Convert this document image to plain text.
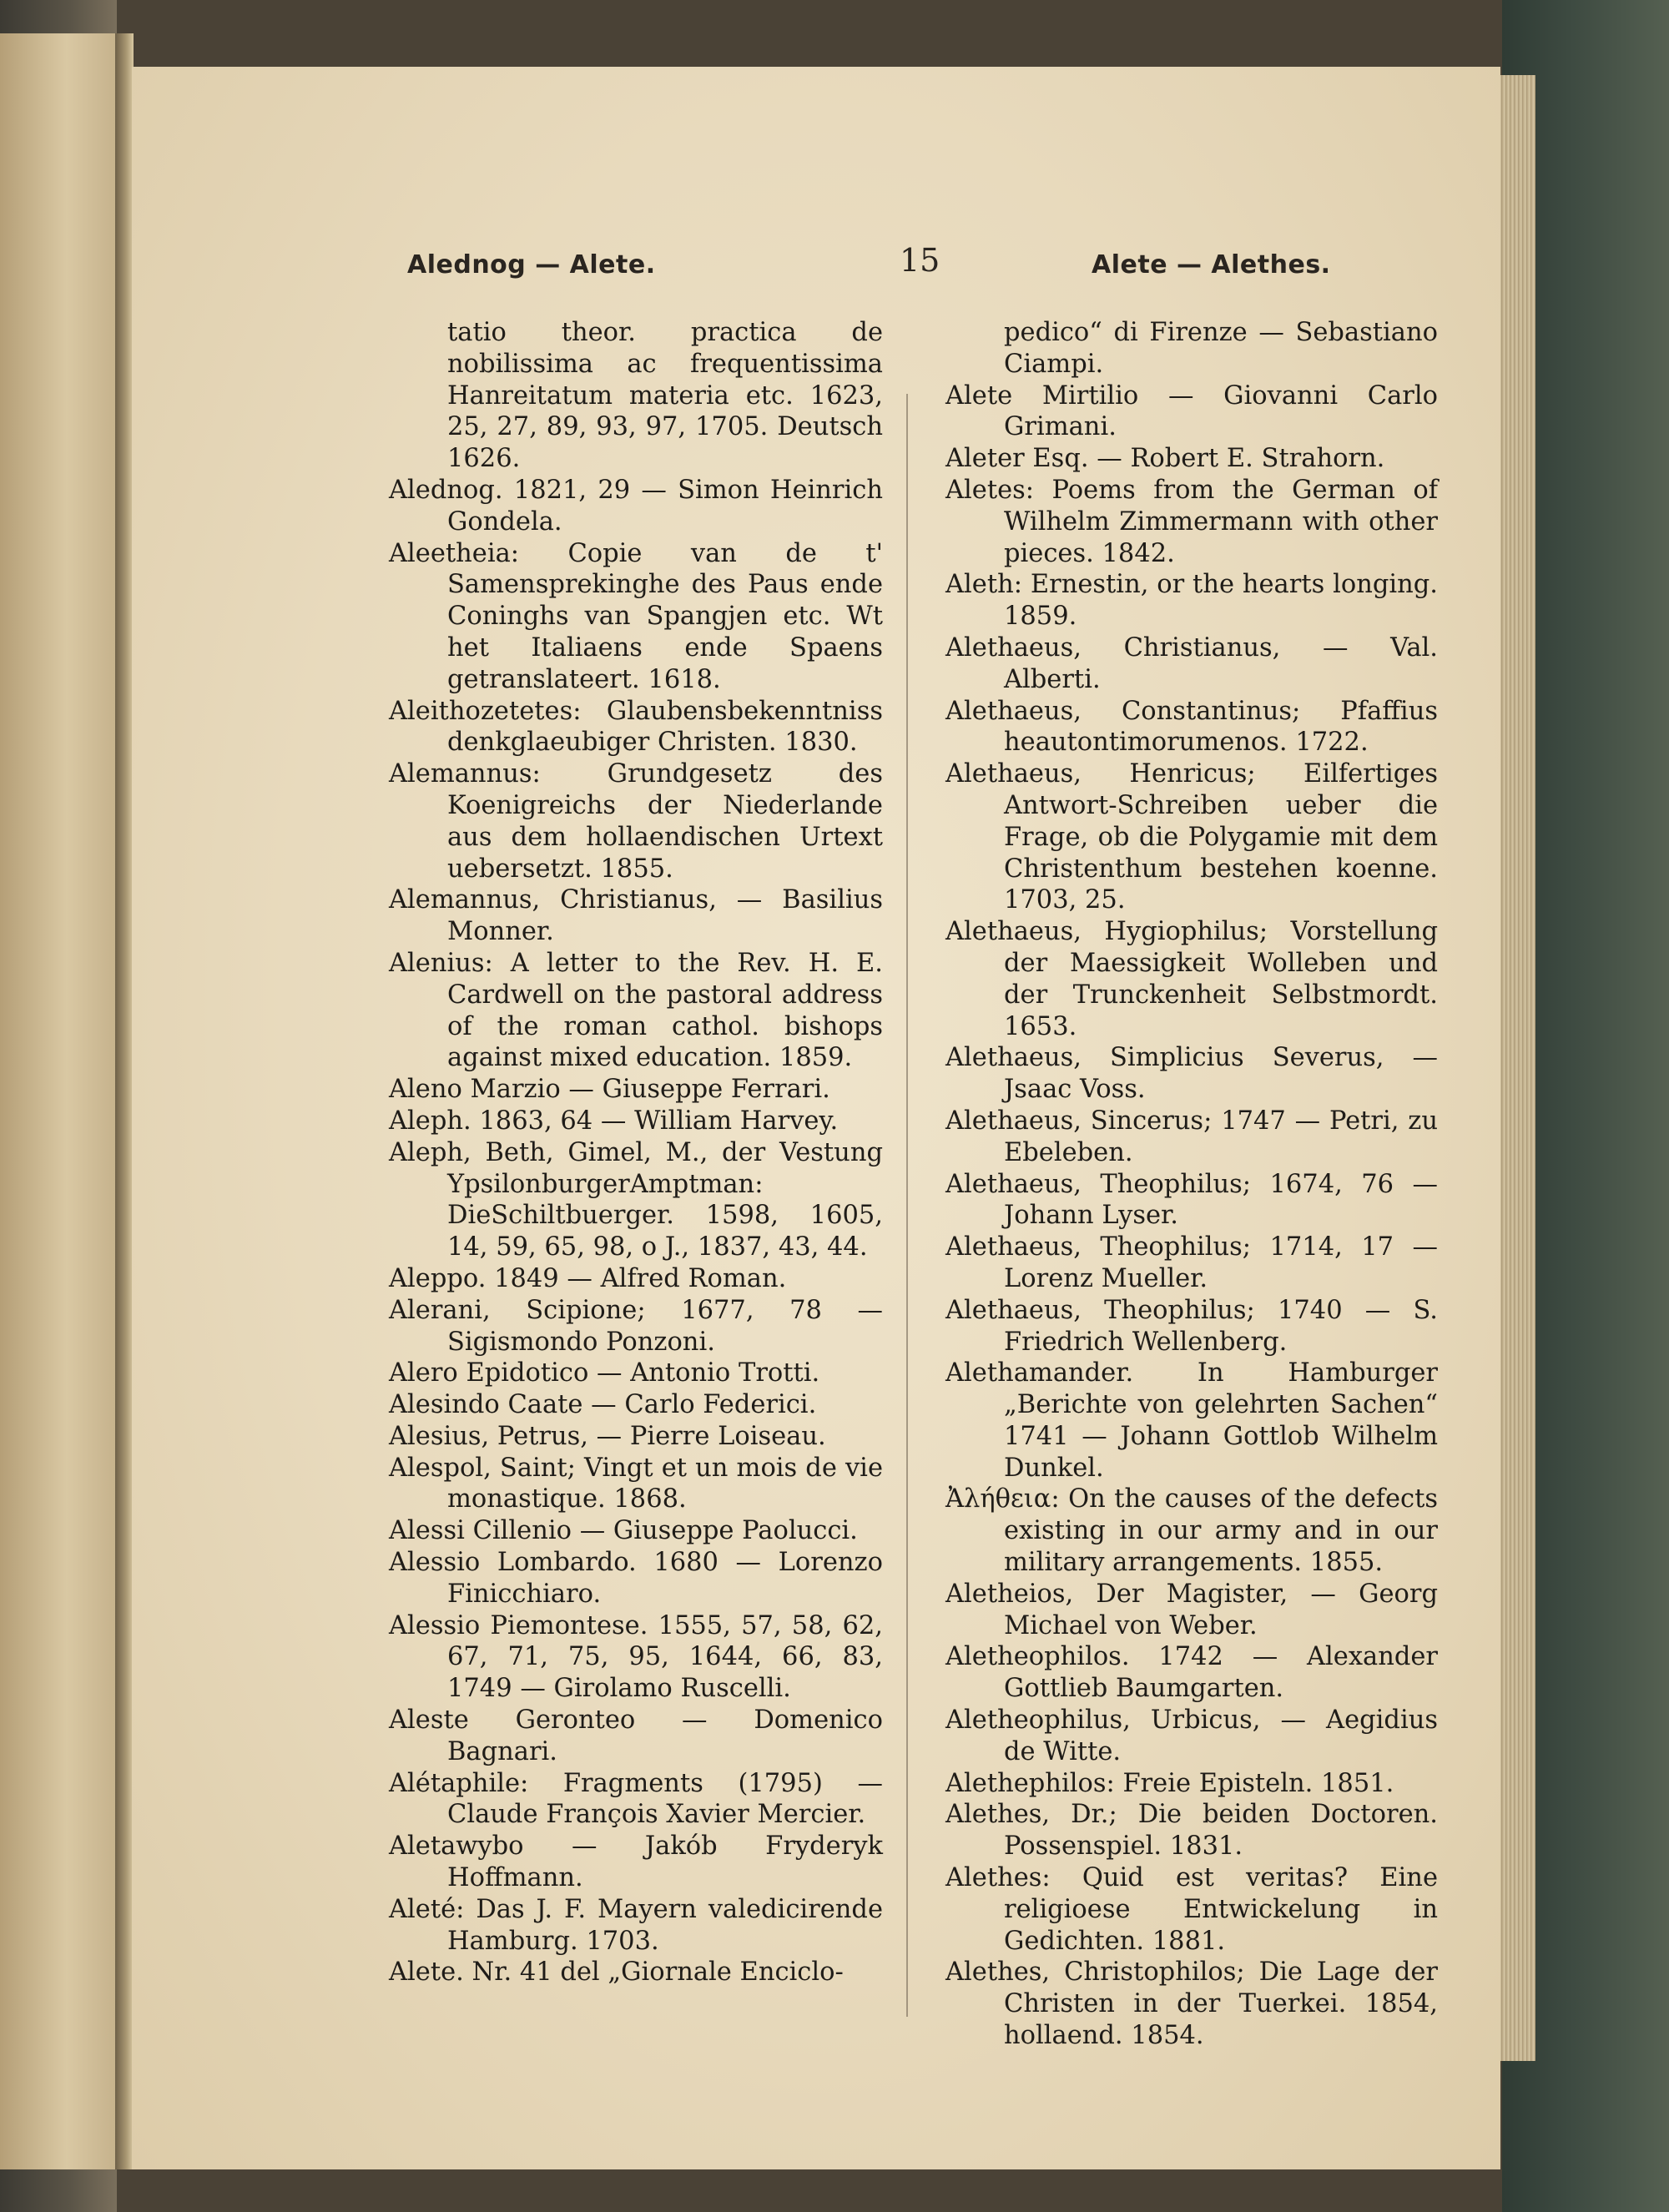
Alednog — Alete.	15	Alete — Alethes.

tatio theor. practica de nobilissima ac frequentissima Hanreitatum materia etc. 1623, 25, 27, 89, 93, 97, 1705. Deutsch 1626.

Alednog. 1821, 29 — Simon Heinrich Gondela.

Aleetheia: Copie van de t' Samensprekinghe des Paus ende Coninghs van Spangjen etc. Wt het Italiaens ende Spaens getranslateert. 1618.

Aleithozetetes: Glaubensbekenntniss denkglaeubiger Christen. 1830.

Alemannus: Grundgesetz des Koenigreichs der Niederlande aus dem hollaendischen Urtext uebersetzt. 1855.

Alemannus, Christianus, — Basilius Monner.

Alenius: A letter to the Rev. H. E. Cardwell on the pastoral address of the roman cathol. bishops against mixed education. 1859.

Aleno Marzio — Giuseppe Ferrari.

Aleph. 1863, 64 — William Harvey.

Aleph, Beth, Gimel, M., der Vestung YpsilonburgerAmptman: DieSchiltbuerger. 1598, 1605, 14, 59, 65, 98, o J., 1837, 43, 44.

Aleppo. 1849 — Alfred Roman.

Alerani, Scipione; 1677, 78 — Sigismondo Ponzoni.

Alero Epidotico — Antonio Trotti.

Alesindo Caate — Carlo Federici.

Alesius, Petrus, — Pierre Loiseau.

Alespol, Saint; Vingt et un mois de vie monastique. 1868.

Alessi Cillenio — Giuseppe Paolucci.

Alessio Lombardo. 1680 — Lorenzo Finicchiaro.

Alessio Piemontese. 1555, 57, 58, 62, 67, 71, 75, 95, 1644, 66, 83, 1749 — Girolamo Ruscelli.

Aleste Geronteo — Domenico Bagnari.

Alétaphile: Fragments (1795) — Claude François Xavier Mercier.

Aletawybo — Jakób Fryderyk Hoffmann.

Aleté: Das J. F. Mayern valedicirende Hamburg. 1703.

Alete. Nr. 41 del „Giornale Enciclo-

pedico“ di Firenze — Sebastiano Ciampi.

Alete Mirtilio — Giovanni Carlo Grimani.

Aleter Esq. — Robert E. Strahorn.

Aletes: Poems from the German of Wilhelm Zimmermann with other pieces. 1842.

Aleth: Ernestin, or the hearts longing. 1859.

Alethaeus, Christianus, — Val. Alberti.

Alethaeus, Constantinus; Pfaffius heautontimorumenos. 1722.

Alethaeus, Henricus; Eilfertiges Antwort-Schreiben ueber die Frage, ob die Polygamie mit dem Christenthum bestehen koenne. 1703, 25.

Alethaeus, Hygiophilus; Vorstellung der Maessigkeit Wolleben und der Trunckenheit Selbstmordt. 1653.

Alethaeus, Simplicius Severus, — Jsaac Voss.

Alethaeus, Sincerus; 1747 — Petri, zu Ebeleben.

Alethaeus, Theophilus; 1674, 76 — Johann Lyser.

Alethaeus, Theophilus; 1714, 17 — Lorenz Mueller.

Alethaeus, Theophilus; 1740 — S. Friedrich Wellenberg.

Alethamander. In Hamburger „Berichte von gelehrten Sachen“ 1741 — Johann Gottlob Wilhelm Dunkel.

Ἀλήθεια: On the causes of the defects existing in our army and in our military arrangements. 1855.

Aletheios, Der Magister, — Georg Michael von Weber.

Aletheophilos. 1742 — Alexander Gottlieb Baumgarten.

Aletheophilus, Urbicus, — Aegidius de Witte.

Alethephilos: Freie Episteln. 1851.

Alethes, Dr.; Die beiden Doctoren. Possenspiel. 1831.

Alethes: Quid est veritas? Eine religioese Entwickelung in Gedichten. 1881.

Alethes, Christophilos; Die Lage der Christen in der Tuerkei. 1854, hollaend. 1854.
